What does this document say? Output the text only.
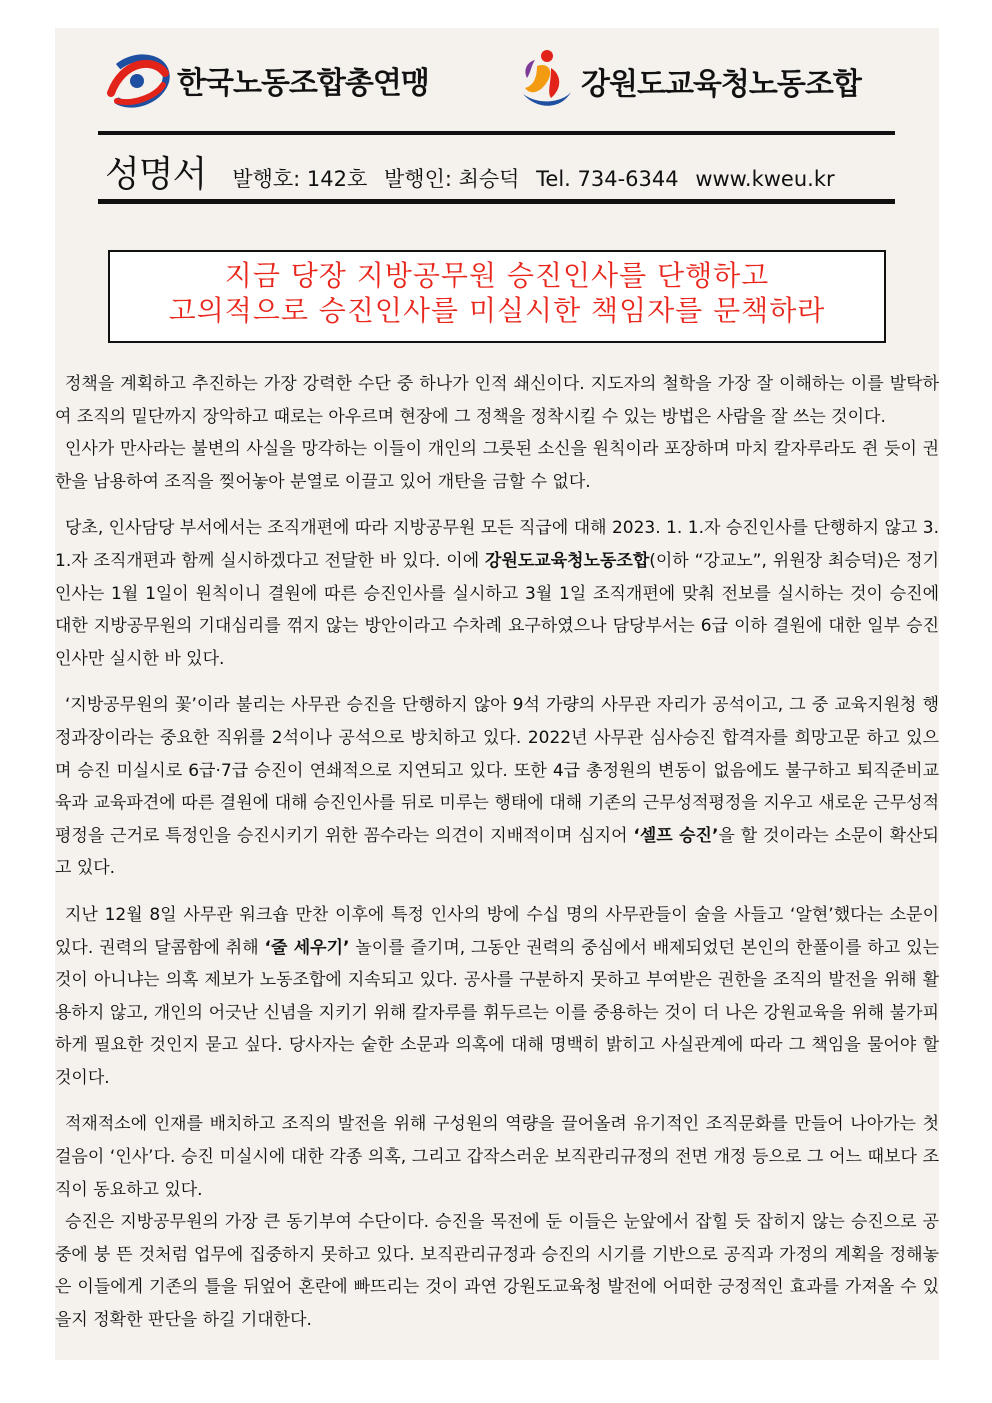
한국노동조합총연맹	강원도교육청노동조합
성명서 발행호: 142호 발행인: 최승덕 Tel. 734-6344 www.kweu.kr
지금 당장 지방공무원 승진인사를 단행하고
고의적으로 승진인사를 미실시한 책임자를 문책하라

정책을 계획하고 추진하는 가장 강력한 수단 중 하나가 인적 쇄신이다. 지도자의 철학을 가장 잘 이해하는 이를 발탁하여 조직의 밑단까지 장악하고 때로는 아우르며 현장에 그 정책을 정착시킬 수 있는 방법은 사람을 잘 쓰는 것이다.

인사가 만사라는 불변의 사실을 망각하는 이들이 개인의 그릇된 소신을 원칙이라 포장하며 마치 칼자루라도 쥔 듯이 권한을 남용하여 조직을 찢어놓아 분열로 이끌고 있어 개탄을 금할 수 없다.

당초, 인사담당 부서에서는 조직개편에 따라 지방공무원 모든 직급에 대해 2023. 1. 1.자 승진인사를 단행하지 않고 3. 1.자 조직개편과 함께 실시하겠다고 전달한 바 있다. 이에 강원도교육청노동조합(이하 “강교노”, 위원장 최승덕)은 정기인사는 1월 1일이 원칙이니 결원에 따른 승진인사를 실시하고 3월 1일 조직개편에 맞춰 전보를 실시하는 것이 승진에 대한 지방공무원의 기대심리를 꺾지 않는 방안이라고 수차례 요구하였으나 담당부서는 6급 이하 결원에 대한 일부 승진인사만 실시한 바 있다.

‘지방공무원의 꽃’이라 불리는 사무관 승진을 단행하지 않아 9석 가량의 사무관 자리가 공석이고, 그 중 교육지원청 행정과장이라는 중요한 직위를 2석이나 공석으로 방치하고 있다. 2022년 사무관 심사승진 합격자를 희망고문 하고 있으며 승진 미실시로 6급·7급 승진이 연쇄적으로 지연되고 있다. 또한 4급 총정원의 변동이 없음에도 불구하고 퇴직준비교육과 교육파견에 따른 결원에 대해 승진인사를 뒤로 미루는 행태에 대해 기존의 근무성적평정을 지우고 새로운 근무성적평정을 근거로 특정인을 승진시키기 위한 꼼수라는 의견이 지배적이며 심지어 ‘셀프 승진’을 할 것이라는 소문이 확산되고 있다.

지난 12월 8일 사무관 워크숍 만찬 이후에 특정 인사의 방에 수십 명의 사무관들이 술을 사들고 ‘알현’했다는 소문이 있다. 권력의 달콤함에 취해 ‘줄 세우기’ 놀이를 즐기며, 그동안 권력의 중심에서 배제되었던 본인의 한풀이를 하고 있는 것이 아니냐는 의혹 제보가 노동조합에 지속되고 있다. 공사를 구분하지 못하고 부여받은 권한을 조직의 발전을 위해 활용하지 않고, 개인의 어긋난 신념을 지키기 위해 칼자루를 휘두르는 이를 중용하는 것이 더 나은 강원교육을 위해 불가피하게 필요한 것인지 묻고 싶다. 당사자는 숱한 소문과 의혹에 대해 명백히 밝히고 사실관계에 따라 그 책임을 물어야 할 것이다.

적재적소에 인재를 배치하고 조직의 발전을 위해 구성원의 역량을 끌어올려 유기적인 조직문화를 만들어 나아가는 첫 걸음이 ‘인사’다. 승진 미실시에 대한 각종 의혹, 그리고 갑작스러운 보직관리규정의 전면 개정 등으로 그 어느 때보다 조직이 동요하고 있다.

승진은 지방공무원의 가장 큰 동기부여 수단이다. 승진을 목전에 둔 이들은 눈앞에서 잡힐 듯 잡히지 않는 승진으로 공중에 붕 뜬 것처럼 업무에 집중하지 못하고 있다. 보직관리규정과 승진의 시기를 기반으로 공직과 가정의 계획을 정해놓은 이들에게 기존의 틀을 뒤엎어 혼란에 빠뜨리는 것이 과연 강원도교육청 발전에 어떠한 긍정적인 효과를 가져올 수 있을지 정확한 판단을 하길 기대한다.
